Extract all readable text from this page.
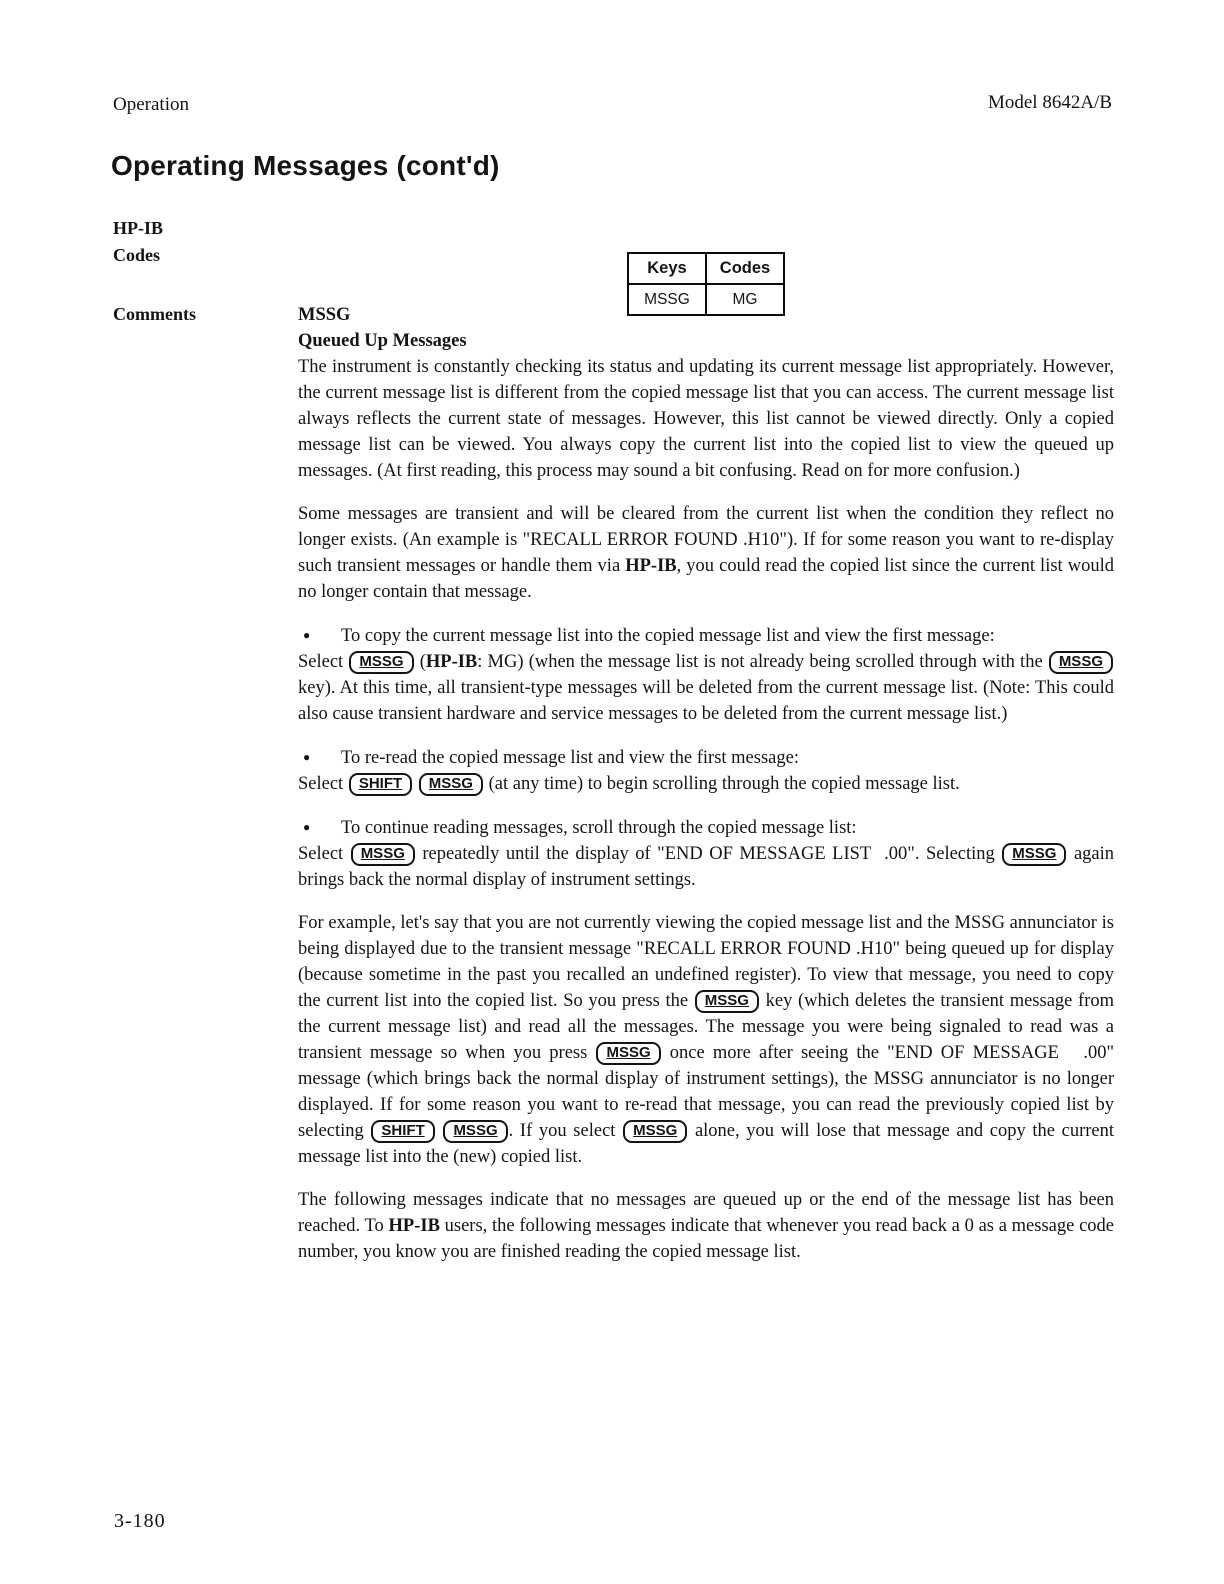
Operation	Model 8642A/B
Operating Messages (cont'd)
HP-IB
Codes
Keys	Codes
MSSG	MG
Comments	MSSG
Queued Up Messages

The instrument is constantly checking its status and updating its current message list appropriately. However, the current message list is different from the copied message list that you can access. The current message list always reflects the current state of messages. However, this list cannot be viewed directly. Only a copied message list can be viewed. You always copy the current list into the copied list to view the queued up messages. (At first reading, this process may sound a bit confusing. Read on for more confusion.)

Some messages are transient and will be cleared from the current list when the condition they reflect no longer exists. (An example is "RECALL ERROR FOUND .H10"). If for some reason you want to re-display such transient messages or handle them via HP-IB, you could read the copied list since the current list would no longer contain that message.

● To copy the current message list into the copied message list and view the first message:
Select MSSG (HP-IB: MG) (when the message list is not already being scrolled through with the MSSG key). At this time, all transient-type messages will be deleted from the current message list. (Note: This could also cause transient hardware and service messages to be deleted from the current message list.)

● To re-read the copied message list and view the first message:
Select SHIFT MSSG (at any time) to begin scrolling through the copied message list.

● To continue reading messages, scroll through the copied message list:
Select MSSG repeatedly until the display of "END OF MESSAGE LIST  .00". Selecting MSSG again brings back the normal display of instrument settings.

For example, let's say that you are not currently viewing the copied message list and the MSSG annunciator is being displayed due to the transient message "RECALL ERROR FOUND .H10" being queued up for display (because sometime in the past you recalled an undefined register). To view that message, you need to copy the current list into the copied list. So you press the MSSG key (which deletes the transient message from the current message list) and read all the messages. The message you were being signaled to read was a transient message so when you press MSSG once more after seeing the "END OF MESSAGE   .00" message (which brings back the normal display of instrument settings), the MSSG annunciator is no longer displayed. If for some reason you want to re-read that message, you can read the previously copied list by selecting SHIFT MSSG . If you select MSSG alone, you will lose that message and copy the current message list into the (new) copied list.

The following messages indicate that no messages are queued up or the end of the message list has been reached. To HP-IB users, the following messages indicate that whenever you read back a 0 as a message code number, you know you are finished reading the copied message list.

3-180
